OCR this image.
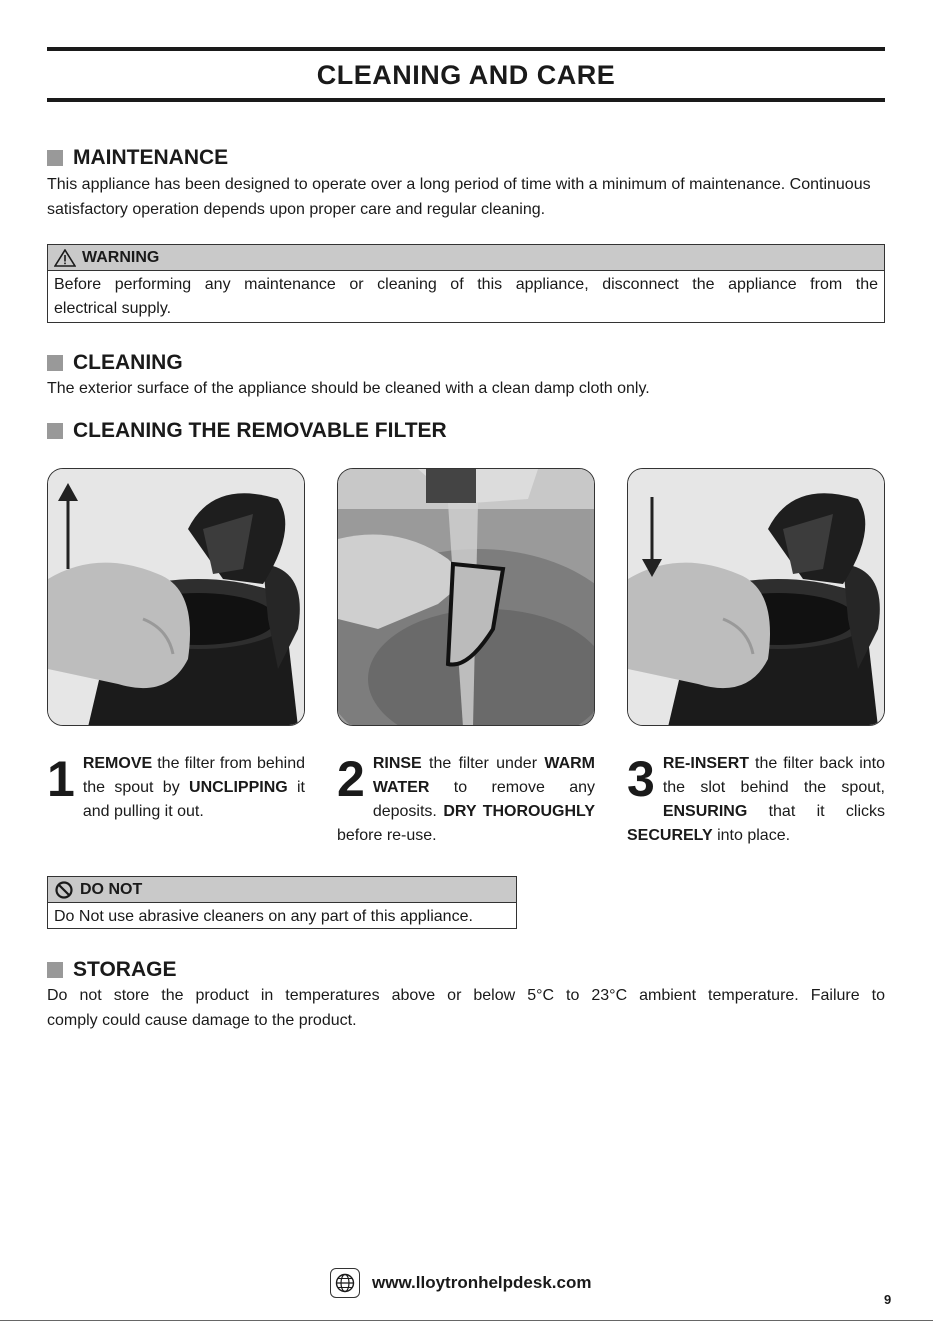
CLEANING AND CARE
MAINTENANCE
This appliance has been designed to operate over a long period of time with a minimum of maintenance. Continuous satisfactory operation depends upon proper care and regular cleaning.
WARNING
Before performing any maintenance or cleaning of this appliance, disconnect the appliance from the
electrical supply.
CLEANING
The exterior surface of the appliance should be cleaned with a clean damp cloth only.
CLEANING THE REMOVABLE FILTER
1 REMOVE the filter from behind the spout by UNCLIPPING it and pulling it out.
2 RINSE the filter under WARM WATER to remove any deposits. DRY THOROUGHLY before re-use.
3 RE-INSERT the filter back into the slot behind the spout, ENSURING that it clicks SECURELY into place.
DO NOT
Do Not use abrasive cleaners on any part of this appliance.
STORAGE
Do not store the product in temperatures above or below 5°C to 23°C ambient temperature. Failure to
comply could cause damage to the product.
www.lloytronhelpdesk.com
9
